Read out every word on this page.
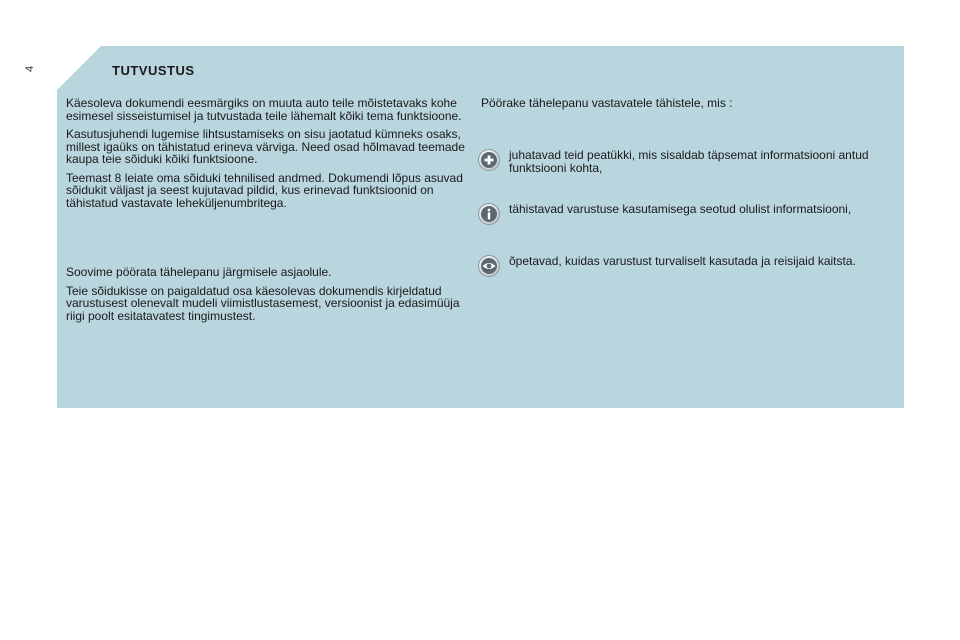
4	TUTVUSTUS

Käesoleva dokumendi eesmärgiks on muuta auto teile mõistetavaks kohe esimesel sisseistumisel ja tutvustada teile lähemalt kõiki tema funktsioone.

Kasutusjuhendi lugemise lihtsustamiseks on sisu jaotatud kümneks osaks, millest igaüks on tähistatud erineva värviga. Need osad hõlmavad teemade kaupa teie sõiduki kõiki funktsioone.

Teemast 8 leiate oma sõiduki tehnilised andmed. Dokumendi lõpus asuvad sõidukit väljast ja seest kujutavad pildid, kus erinevad funktsioonid on tähistatud vastavate leheküljenumbritega.

Soovime pöörata tähelepanu järgmisele asjaolule.

Teie sõidukisse on paigaldatud osa käesolevas dokumendis kirjeldatud varustusest olenevalt mudeli viimistlustasemest, versioonist ja edasimüüja riigi poolt esitatavatest tingimustest.

Pöörake tähelepanu vastavatele tähistele, mis :

juhatavad teid peatükki, mis sisaldab täpsemat informatsiooni antud funktsiooni kohta,

tähistavad varustuse kasutamisega seotud olulist informatsiooni,

õpetavad, kuidas varustust turvaliselt kasutada ja reisijaid kaitsta.
